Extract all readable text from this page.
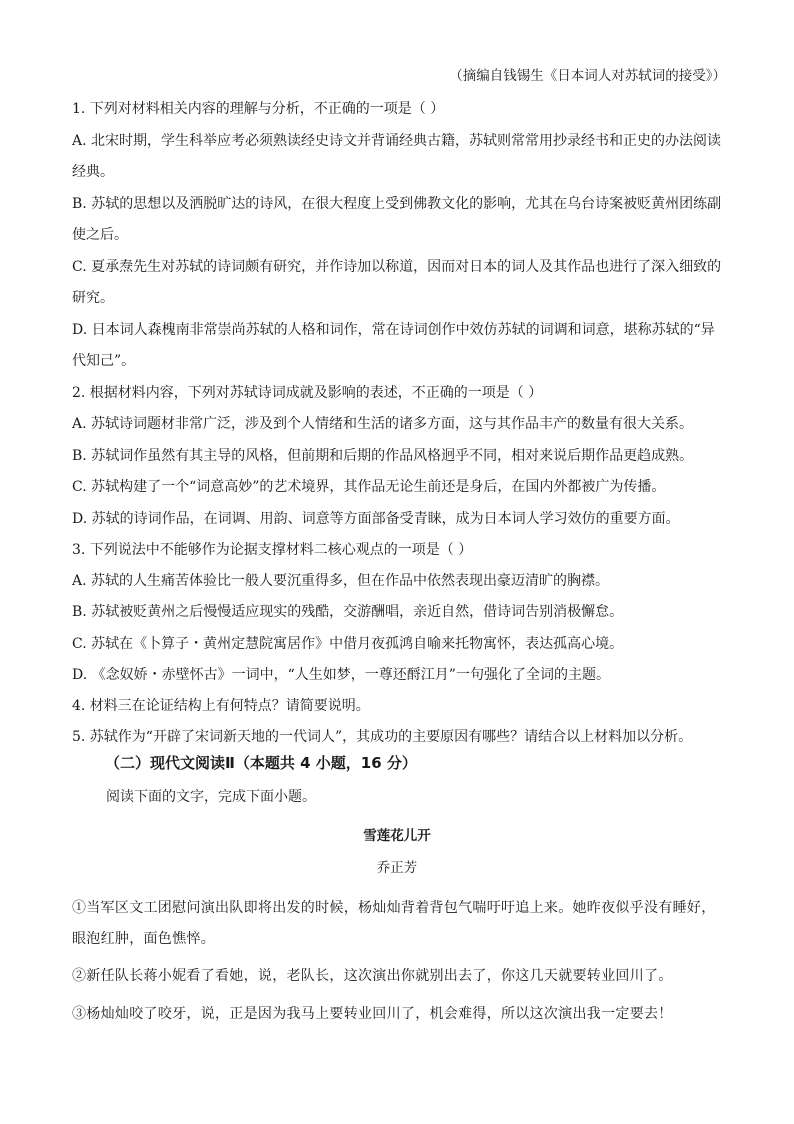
（摘编自钱锡生《日本词人对苏轼词的接受》）
1. 下列对材料相关内容的理解与分析，不正确的一项是（ ）
A. 北宋时期，学生科举应考必须熟读经史诗文并背诵经典古籍，苏轼则常常用抄录经书和正史的办法阅读
经典。
B. 苏轼的思想以及洒脱旷达的诗风，在很大程度上受到佛教文化的影响，尤其在乌台诗案被贬黄州团练副
使之后。
C. 夏承焘先生对苏轼的诗词颇有研究，并作诗加以称道，因而对日本的词人及其作品也进行了深入细致的
研究。
D. 日本词人森槐南非常崇尚苏轼的人格和词作，常在诗词创作中效仿苏轼的词调和词意，堪称苏轼的“异
代知己”。
2. 根据材料内容，下列对苏轼诗词成就及影响的表述，不正确的一项是（ ）
A. 苏轼诗词题材非常广泛，涉及到个人情绪和生活的诸多方面，这与其作品丰产的数量有很大关系。
B. 苏轼词作虽然有其主导的风格，但前期和后期的作品风格迥乎不同，相对来说后期作品更趋成熟。
C. 苏轼构建了一个“词意高妙”的艺术境界，其作品无论生前还是身后，在国内外都被广为传播。
D. 苏轼的诗词作品，在词调、用韵、词意等方面部备受青睐，成为日本词人学习效仿的重要方面。
3. 下列说法中不能够作为论据支撑材料二核心观点的一项是（ ）
A. 苏轼的人生痛苦体验比一般人要沉重得多，但在作品中依然表现出豪迈清旷的胸襟。
B. 苏轼被贬黄州之后慢慢适应现实的残酷，交游酬唱，亲近自然，借诗词告别消极懈怠。
C. 苏轼在《卜算子・黄州定慧院寓居作》中借月夜孤鸿自喻来托物寓怀，表达孤高心境。
D. 《念奴娇・赤壁怀古》一词中，“人生如梦，一尊还酹江月”一句强化了全词的主题。
4. 材料三在论证结构上有何特点？请简要说明。
5. 苏轼作为“开辟了宋词新天地的一代词人”，其成功的主要原因有哪些？请结合以上材料加以分析。
（二）现代文阅读Ⅱ（本题共 4 小题，16 分）
阅读下面的文字，完成下面小题。
雪莲花儿开
乔正芳
①当军区文工团慰问演出队即将出发的时候，杨灿灿背着背包气喘吁吁追上来。她昨夜似乎没有睡好，
眼泡红肿，面色憔悴。
②新任队长蒋小妮看了看她，说，老队长，这次演出你就别出去了，你这几天就要转业回川了。
③杨灿灿咬了咬牙，说，正是因为我马上要转业回川了，机会难得，所以这次演出我一定要去！
